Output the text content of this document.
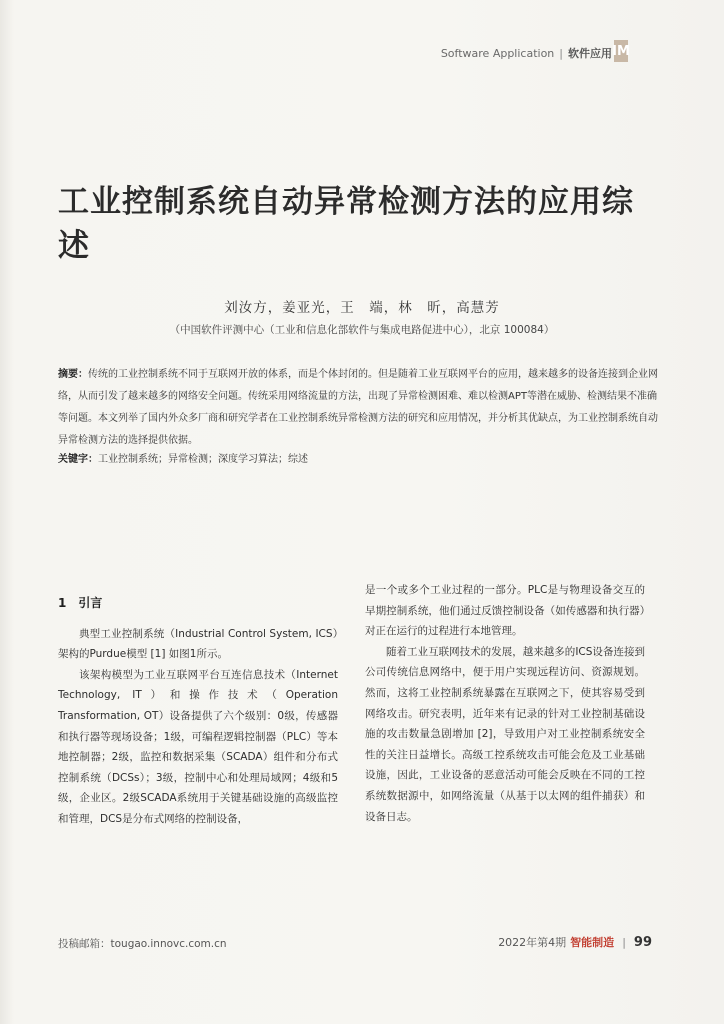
Software Application | 软件应用 IM
工业控制系统自动异常检测方法的应用综述
刘汝方，姜亚光，王　端，林　昕，高慧芳
（中国软件评测中心（工业和信息化部软件与集成电路促进中心），北京 100084）
摘要：传统的工业控制系统不同于互联网开放的体系，而是个体封闭的。但是随着工业互联网平台的应用，越来越多的设备连接到企业网络，从而引发了越来越多的网络安全问题。传统采用网络流量的方法，出现了异常检测困难、难以检测APT等潜在威胁、检测结果不准确等问题。本文列举了国内外众多厂商和研究学者在工业控制系统异常检测方法的研究和应用情况，并分析其优缺点，为工业控制系统自动异常检测方法的选择提供依据。
关键字：工业控制系统；异常检测；深度学习算法；综述
1　引言

典型工业控制系统（Industrial Control System, ICS）架构的Purdue模型 [1] 如图1所示。

该架构模型为工业互联网平台互连信息技术（Internet Technology, IT）和操作技术（Operation Transformation, OT）设备提供了六个级别：0级，传感器和执行器等现场设备；1级，可编程逻辑控制器（PLC）等本地控制器；2级，监控和数据采集（SCADA）组件和分布式控制系统（DCSs）；3级，控制中心和处理局域网；4级和5级，企业区。2级SCADA系统用于关键基础设施的高级监控和管理，DCS是分布式网络的控制设备，

是一个或多个工业过程的一部分。PLC是与物理设备交互的早期控制系统，他们通过反馈控制设备（如传感器和执行器）对正在运行的过程进行本地管理。

随着工业互联网技术的发展，越来越多的ICS设备连接到公司传统信息网络中，便于用户实现远程访问、资源规划。然而，这将工业控制系统暴露在互联网之下，使其容易受到网络攻击。研究表明，近年来有记录的针对工业控制基础设施的攻击数量急剧增加 [2]，导致用户对工业控制系统安全性的关注日益增长。高级工控系统攻击可能会危及工业基础设施，因此，工业设备的恶意活动可能会反映在不同的工控系统数据源中，如网络流量（从基于以太网的组件捕获）和设备日志。

投稿邮箱：tougao.innovc.com.cn	2022年第4期 智能制造 | 99
